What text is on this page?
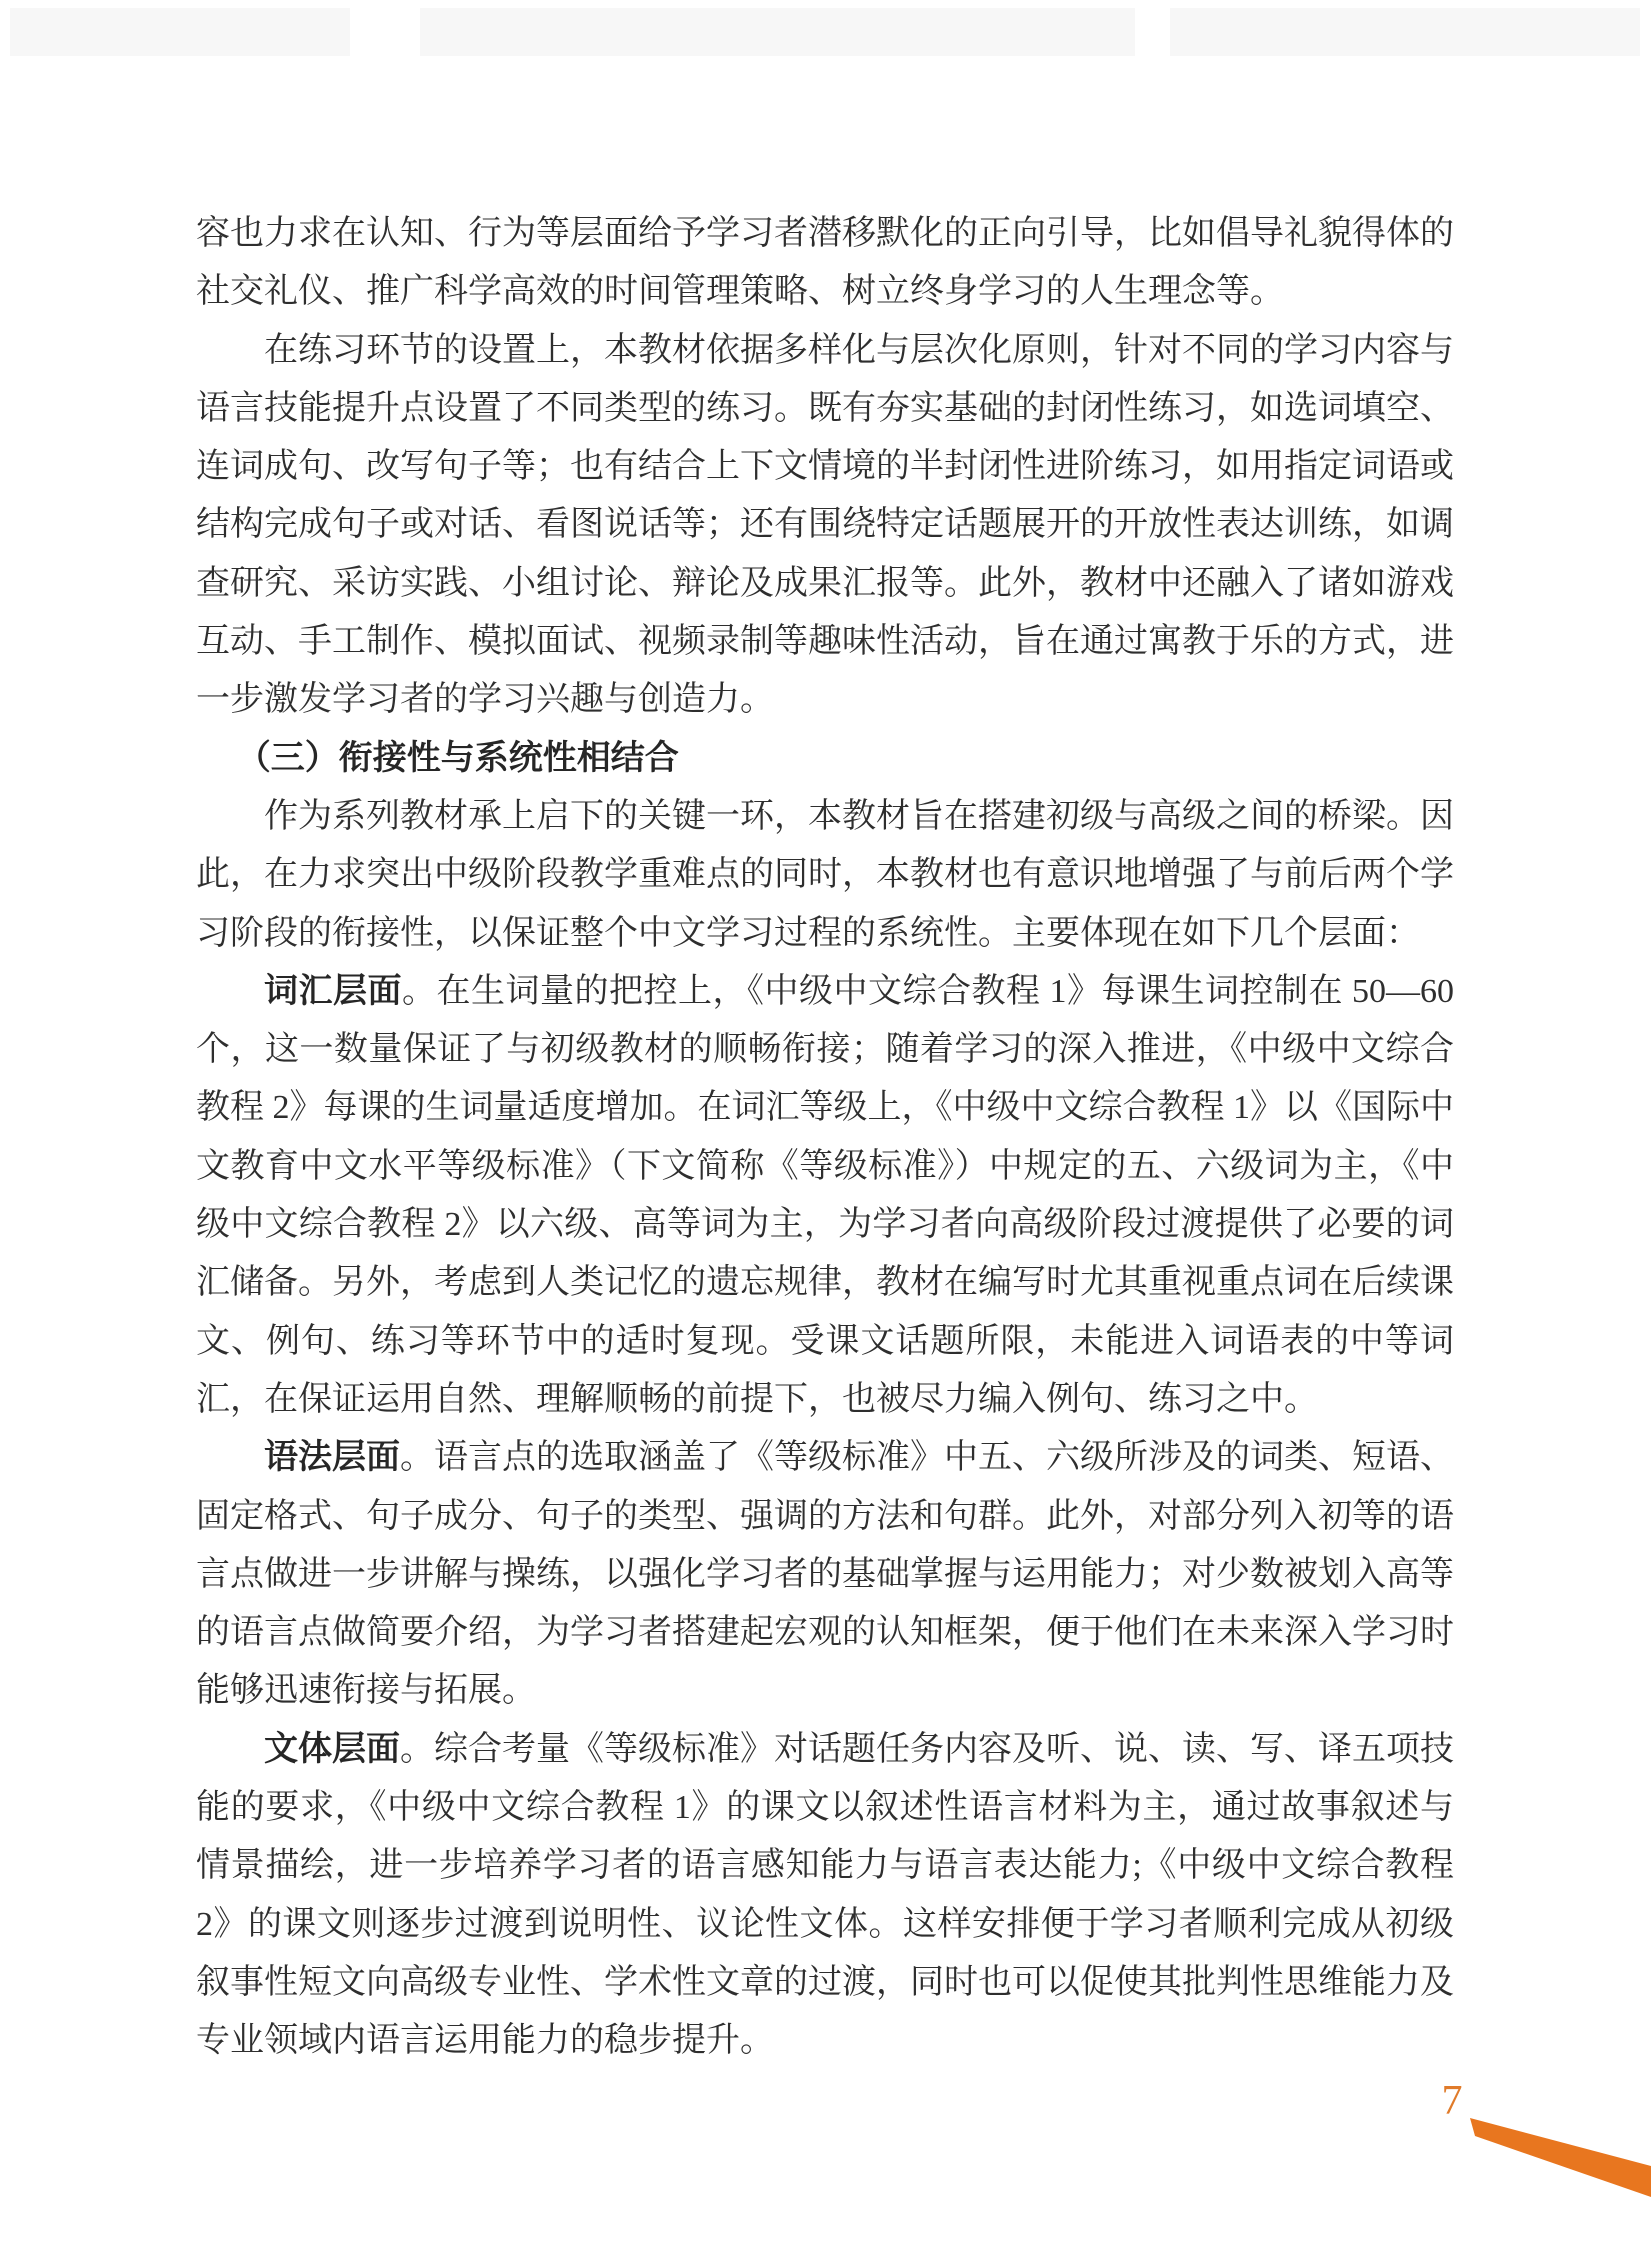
容也力求在认知、行为等层面给予学习者潜移默化的正向引导，比如倡导礼貌得体的社交礼仪、推广科学高效的时间管理策略、树立终身学习的人生理念等。

在练习环节的设置上，本教材依据多样化与层次化原则，针对不同的学习内容与语言技能提升点设置了不同类型的练习。既有夯实基础的封闭性练习，如选词填空、连词成句、改写句子等；也有结合上下文情境的半封闭性进阶练习，如用指定词语或结构完成句子或对话、看图说话等；还有围绕特定话题展开的开放性表达训练，如调查研究、采访实践、小组讨论、辩论及成果汇报等。此外，教材中还融入了诸如游戏互动、手工制作、模拟面试、视频录制等趣味性活动，旨在通过寓教于乐的方式，进一步激发学习者的学习兴趣与创造力。

（三）衔接性与系统性相结合

作为系列教材承上启下的关键一环，本教材旨在搭建初级与高级之间的桥梁。因此，在力求突出中级阶段教学重难点的同时，本教材也有意识地增强了与前后两个学习阶段的衔接性，以保证整个中文学习过程的系统性。主要体现在如下几个层面：

词汇层面。在生词量的把控上，《中级中文综合教程 1》每课生词控制在 50—60 个，这一数量保证了与初级教材的顺畅衔接；随着学习的深入推进，《中级中文综合教程 2》每课的生词量适度增加。在词汇等级上，《中级中文综合教程 1》以《国际中文教育中文水平等级标准》（下文简称《等级标准》）中规定的五、六级词为主，《中级中文综合教程 2》以六级、高等词为主，为学习者向高级阶段过渡提供了必要的词汇储备。另外，考虑到人类记忆的遗忘规律，教材在编写时尤其重视重点词在后续课文、例句、练习等环节中的适时复现。受课文话题所限，未能进入词语表的中等词汇，在保证运用自然、理解顺畅的前提下，也被尽力编入例句、练习之中。

语法层面。语言点的选取涵盖了《等级标准》中五、六级所涉及的词类、短语、固定格式、句子成分、句子的类型、强调的方法和句群。此外，对部分列入初等的语言点做进一步讲解与操练，以强化学习者的基础掌握与运用能力；对少数被划入高等的语言点做简要介绍，为学习者搭建起宏观的认知框架，便于他们在未来深入学习时能够迅速衔接与拓展。

文体层面。综合考量《等级标准》对话题任务内容及听、说、读、写、译五项技能的要求，《中级中文综合教程 1》的课文以叙述性语言材料为主，通过故事叙述与情景描绘，进一步培养学习者的语言感知能力与语言表达能力;《中级中文综合教程 2》的课文则逐步过渡到说明性、议论性文体。这样安排便于学习者顺利完成从初级叙事性短文向高级专业性、学术性文章的过渡，同时也可以促使其批判性思维能力及专业领域内语言运用能力的稳步提升。

7
